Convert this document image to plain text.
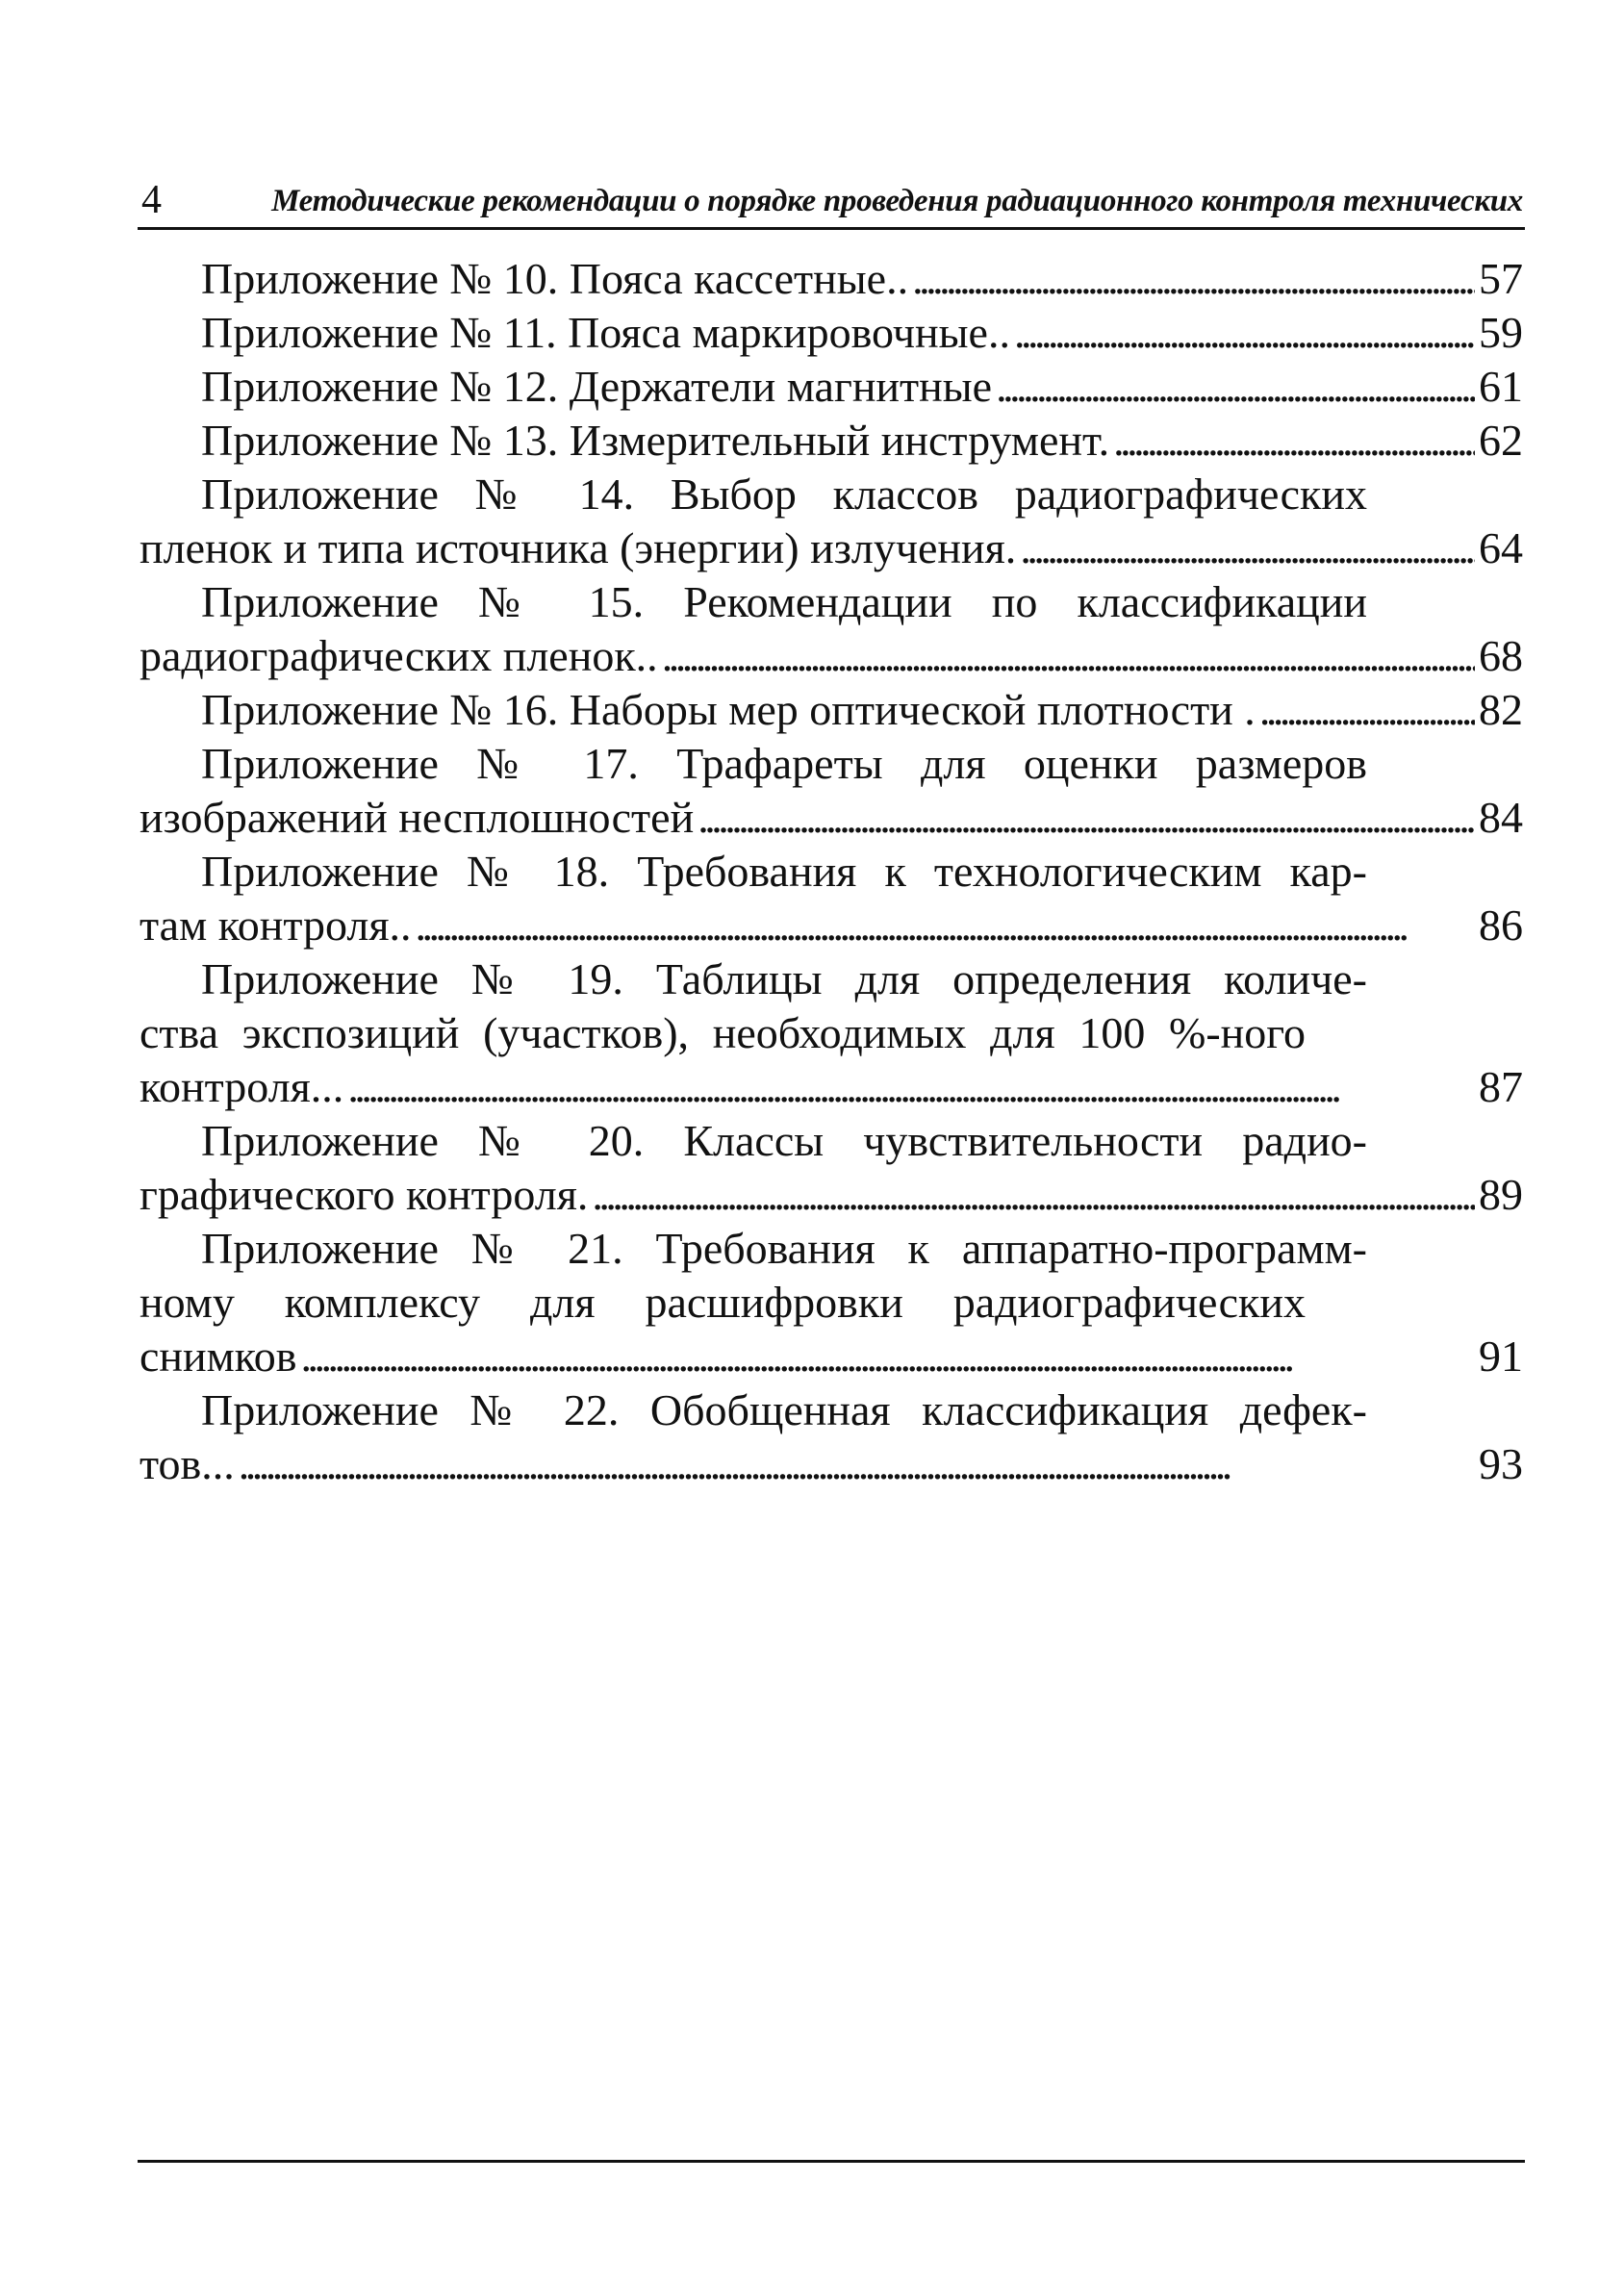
4	Методические рекомендации о порядке проведения радиационного контроля технических
Приложение № 10. Пояса кассетные.. . . .	57
Приложение № 11. Пояса маркировочные.. . . .	59
Приложение № 12. Держатели магнитные . . .	61
Приложение № 13. Измерительный инструмент. . . .	62
Приложение № 14. Выбор классов радиографических
пленок и типа источника (энергии) излучения. . . .	64
Приложение № 15. Рекомендации по классификации
радиографических пленок.. . . .	68
Приложение № 16. Наборы мер оптической плотности . . . .	82
Приложение № 17. Трафареты для оценки размеров
изображений несплошностей . . .	84
Приложение № 18. Требования к технологическим кар-
там контроля.. . . .	86
Приложение № 19. Таблицы для определения количе-
ства экспозиций (участков), необходимых для 100 %-ного
контроля... . . .	87
Приложение № 20. Классы чувствительности радио-
графического контроля. . . .	89
Приложение № 21. Требования к аппаратно-программ-
ному комплексу для расшифровки радиографических
снимков . . .	91
Приложение № 22. Обобщенная классификация дефек-
тов... . . .	93
